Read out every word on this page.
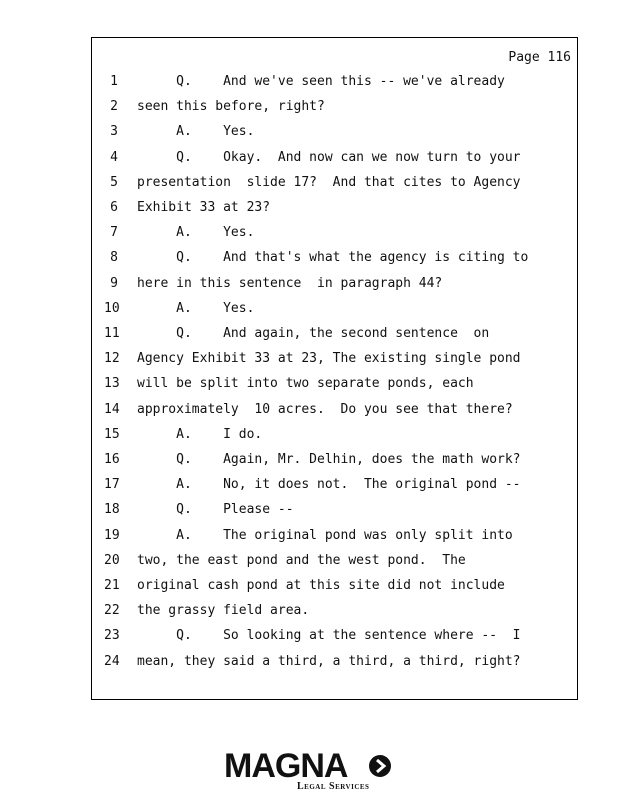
Page 116
1 Q.    And we've seen this -- we've already
2 seen this before, right?
3 A.    Yes.
4 Q.    Okay.  And now can we now turn to your
5 presentation  slide 17?  And that cites to Agency
6 Exhibit 33 at 23?
7 A.    Yes.
8 Q.    And that's what the agency is citing to
9 here in this sentence  in paragraph 44?
10 A.    Yes.
11 Q.    And again, the second sentence  on
12 Agency Exhibit 33 at 23, The existing single pond
13 will be split into two separate ponds, each
14 approximately  10 acres.  Do you see that there?
15 A.    I do.
16 Q.    Again, Mr. Delhin, does the math work?
17 A.    No, it does not.  The original pond --
18 Q.    Please --
19 A.    The original pond was only split into
20 two, the east pond and the west pond.  The
21 original cash pond at this site did not include
22 the grassy field area.
23 Q.    So looking at the sentence where --  I
24 mean, they said a third, a third, a third, right?
MAGNA
Legal Services
